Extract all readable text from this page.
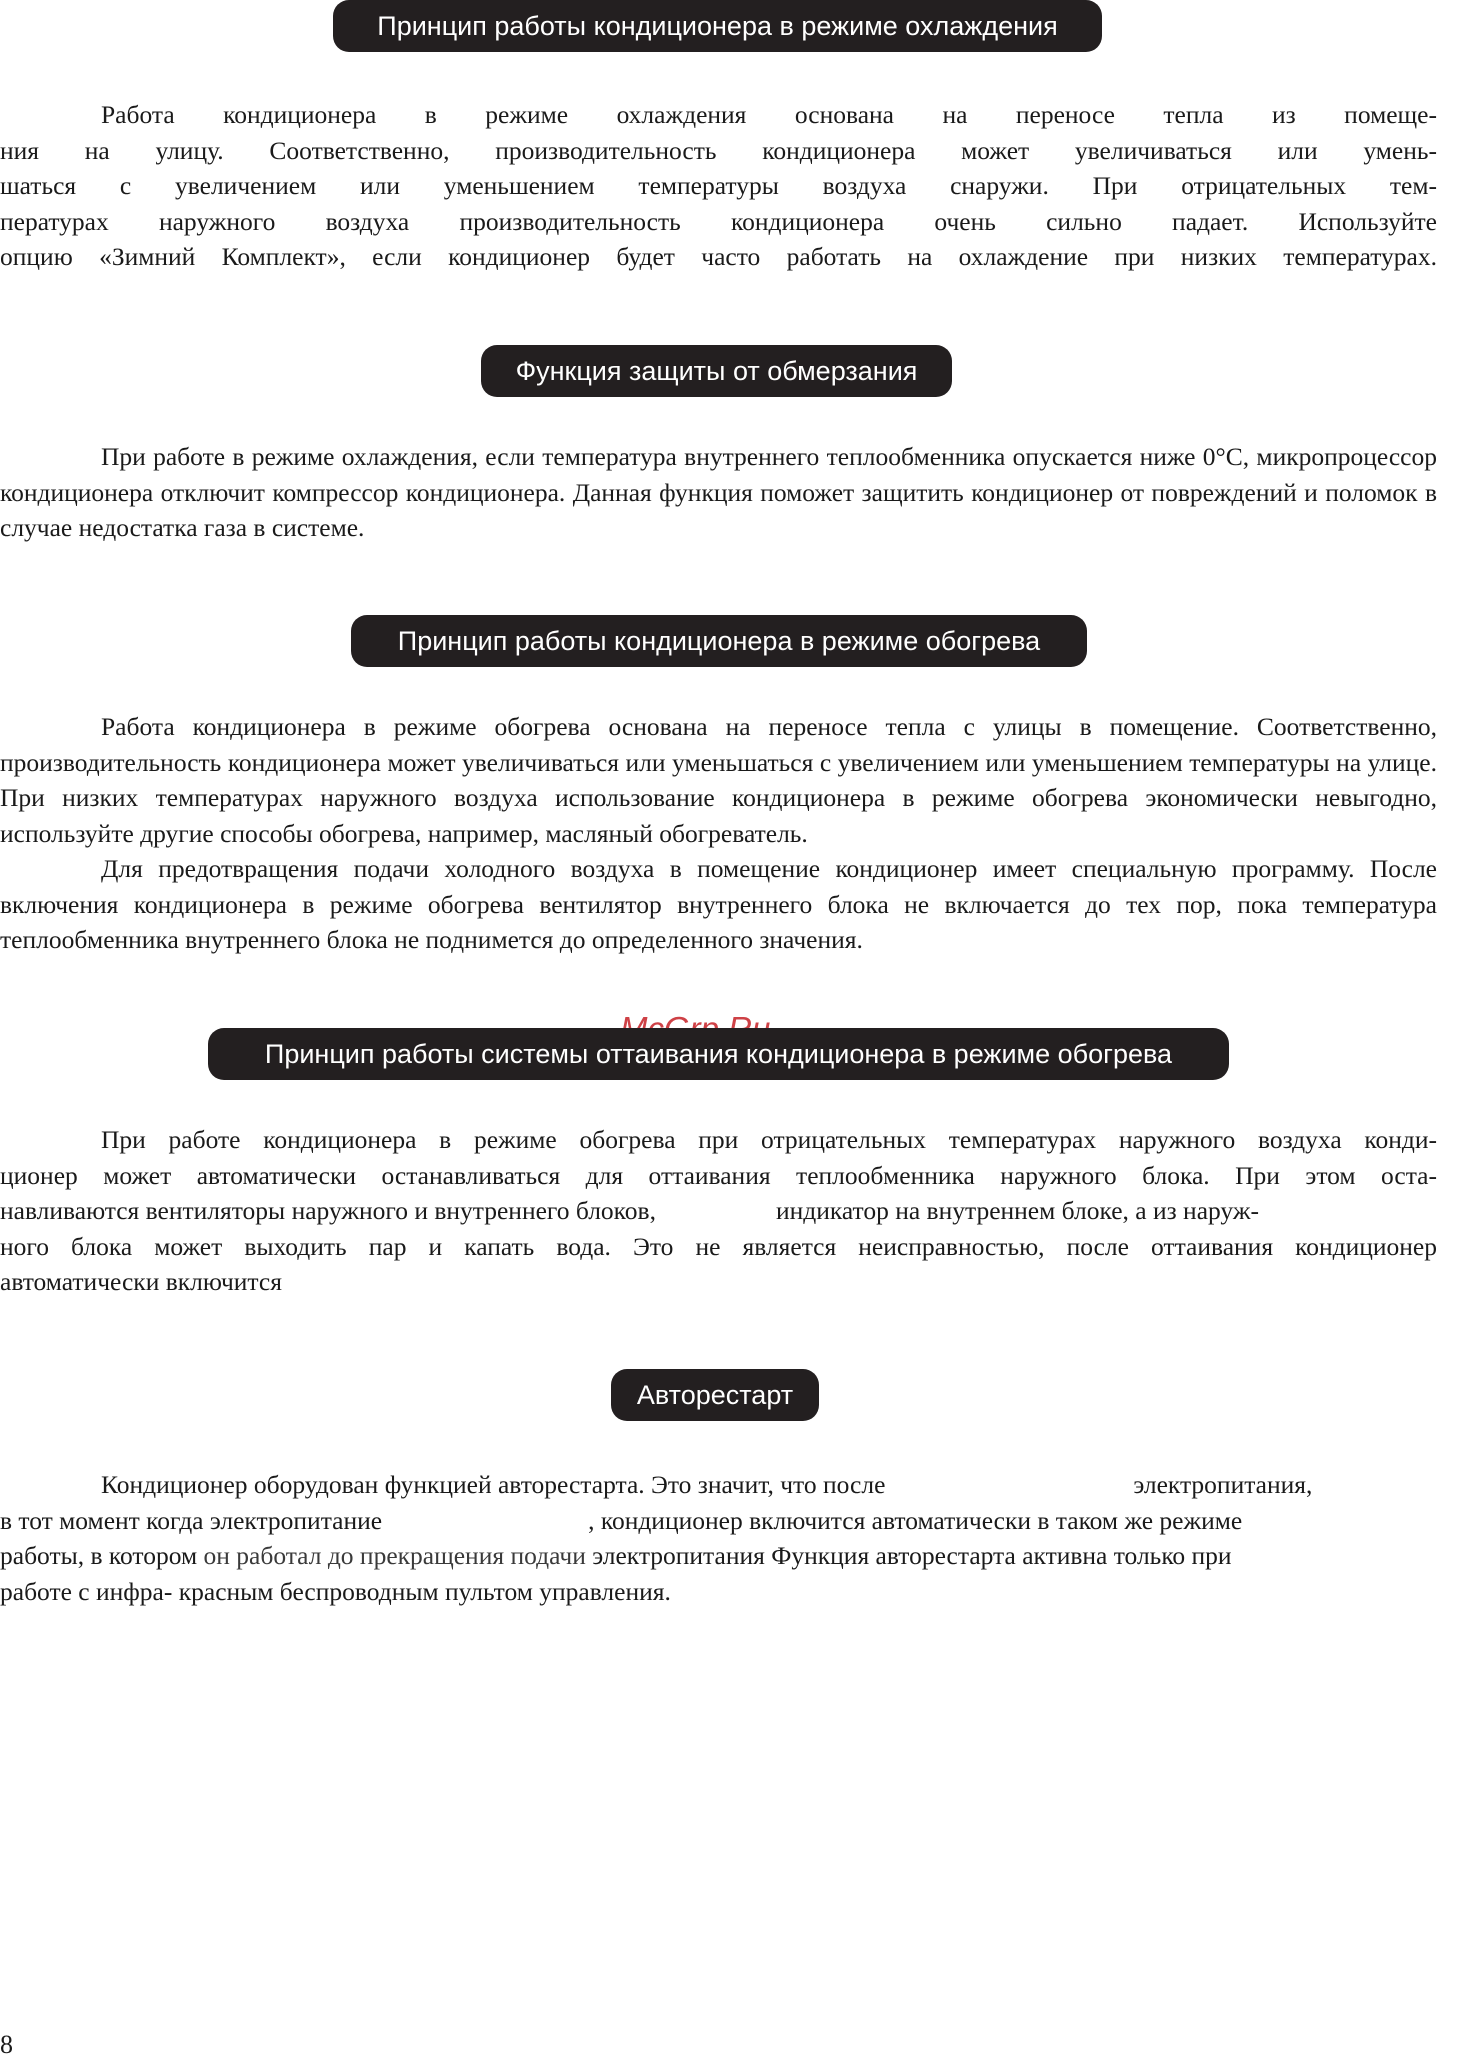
Принцип работы кондиционера в режиме охлаждения
Работа кондиционера в режиме охлаждения основана на переносе тепла из помеще-
ния на улицу. Соответственно, производительность кондиционера может увеличиваться или умень-
шаться с увеличением или уменьшением температуры воздуха снаружи. При отрицательных тем-
пературах наружного воздуха производительность кондиционера очень сильно падает. Используйте
опцию «Зимний Комплект», если кондиционер будет часто работать на охлаждение при низких температурах.
Функция защиты от обмерзания

При работе в режиме охлаждения, если температура внутреннего теплообменника опускается ниже 0°С, микропроцессор кондиционера отключит компрессор кондиционера. Данная функция поможет защитить кондиционер от повреждений и поломок в случае недостатка газа в системе.

Принцип работы кондиционера в режиме обогрева

Работа кондиционера в режиме обогрева основана на переносе тепла с улицы в помещение. Соответственно, производительность кондиционера может увеличиваться или уменьшаться с увеличением или уменьшением температуры на улице. При низких температурах наружного воздуха использование кондиционера в режиме обогрева экономически невыгодно, используйте другие способы обогрева, например, масляный обогреватель.

Для предотвращения подачи холодного воздуха в помещение кондиционер имеет специальную программу. После включения кондиционера в режиме обогрева вентилятор внутреннего блока не включается до тех пор, пока температура теплообменника внутреннего блока не поднимется до определенного значения.

Принцип работы системы оттаивания кондиционера в режиме обогрева
При работе кондиционера в режиме обогрева при отрицательных температурах наружного воздуха конди-
ционер может автоматически останавливаться для оттаивания теплообменника наружного блока. При этом оста-
навливаются вентиляторы наружного и внутреннего блоков,	индикатор на внутреннем блоке, а из наруж-
ного блока может выходить пар и капать вода. Это не является неисправностью, после оттаивания кондиционер
автоматически включится
Авторестарт
Кондиционер оборудован функцией авторестарта. Это значит, что после	электропитания,
в тот момент когда электропитание	, кондиционер включится автоматически в таком же режиме
работы, в котором он работал до прекращения подачи электропитания Функция авторестарта активна только при
работе с инфра- красным беспроводным пультом управления.
8
